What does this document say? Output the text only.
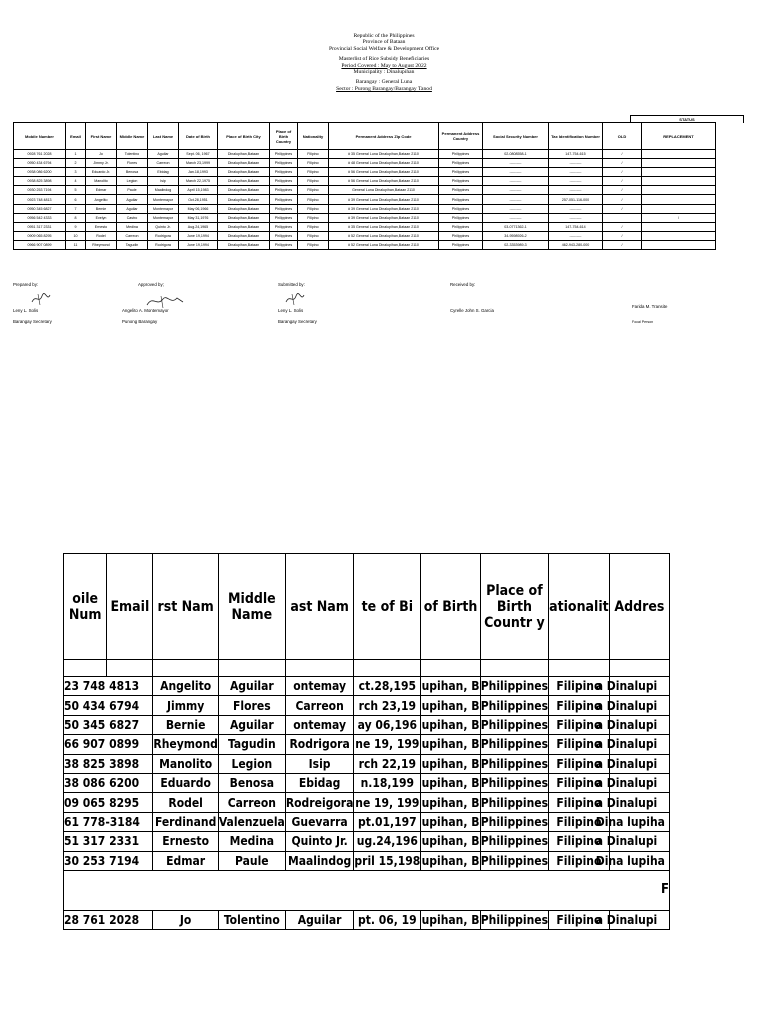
Republic of the Philippines
Province of Bataan
Provincial Social Welfare & Development Office
Masterlist of Rice Subsidy Beneficiaries
Period Covered : May to August 2022
Municipality : Dinalupihan
Barangay : General Luna
Sector : Purong Barangay/Barangay Tanod
STATUS
Mobile Number	Email	First Name	Middle Name	Last Name	Date of Birth	Place of Birth City	Place of Birth Country	Nationality	Permanent Address Zip Code	Permanent Address Country	Social Security Number	Tax Identification Number	OLD	REPLACEMENT
0928 761 2028	1	Jo	Tolentino	Aguilar	Sept. 06, 1967	Dinalupihan,Bataan	Philippines	Filipino	# 35 General Luna Dinalupihan,Bataan 2110	Philippines	02-0808558-1	147-754-615	/	
0950 434 6794	2	Jimmy Jr.	Flores	Carreon	March 23,1999	Dinalupihan,Bataan	Philippines	Filipino	# 48 General Luna Dinalupihan,Bataan 2110	Philippines	----------	----------	/	
0938 086 6200	3	Eduardo Jr.	Benosa	Ebidag	Jan.18,1993	Dinalupihan,Bataan	Philippines	Filipino	# 56 General Luna Dinalupihan,Bataan 2110	Philippines	----------	----------	/	
0938 825 3898	4	Manolito	Legion	Isip	March 22,1975	Dinalupihan,Bataan	Philippines	Filipino	# 56 General Luna Dinalupihan,Bataan 2110	Philippines	----------	----------	/	
0930 253 7194	5	Edmar	Paule	Maalindog	April 15,1983	Dinalupihan,Bataan	Philippines	Filipino	General Luna Dinalupihan,Bataan 2110	Philippines	----------	----------	/	
0923 748 4813	6	Angelito	Aguilar	Montemayor	Oct.28,1951	Dinalupihan,Bataan	Philippines	Filipino	# 39 General Luna Dinalupihan,Bataan 2110	Philippines	----------	257-051-116-000	/	
0950 345 6827	7	Bernie	Aguilar	Montemayor	May 06,1966	Dinalupihan,Bataan	Philippines	Filipino	# 39 General Luna Dinalupihan,Bataan 2110	Philippines	----------	----------	/	
0956 542 4333	8	Evelyn	Castro	Montemayor	May 31,1976	Dinalupihan,Bataan	Philippines	Filipino	# 39 General Luna Dinalupihan,Bataan 2110	Philippines	----------	----------		/
0951 317 2331	9	Ernesto	Medina	Quinto Jr.	Aug.24,1965	Dinalupihan,Bataan	Philippines	Filipino	# 35 General Luna Dinalupihan,Bataan 2110	Philippines	03-0771362-1	147-754-614	/	
0909 065 8295	10	Rodel	Carreon	Rodrigora	June 19,1994	Dinalupihan,Bataan	Philippines	Filipino	# 52 General Luna Dinalupihan,Bataan 2110	Philippines	34-9598926-2	----------	/	
0966 907 0899	11	Rheymond	Tagudin	Rodrigora	June 19,1994	Dinalupihan,Bataan	Philippines	Filipino	# 52 General Luna Dinalupihan,Bataan 2110	Philippines	02-3353989-3	462-943-280-000	/	
Prepared by:
Leny L. Solis
Barangay Secretary
Approved by;
Angelito A. Montemayor
Punong Barangay
Submitted by:
Leny L. Solis
Barangay Secretary
Received by:
Cyrelle John S. Garcia
Farida M. Transite
Focal Person
oile Num	Email	rst Nam	Middle Name	ast Nam	te of Bi	of Birth	Place of Birth Countr y	ationalit	Addres

23 748 4813		Angelito	Aguilar	ontemay	ct.28,195	upihan, B	Philippines	Filipino	a Dinalupi
50 434 6794		Jimmy	Flores	Carreon	rch 23,19	upihan, B	Philippines	Filipino	a Dinalupi
50 345 6827		Bernie	Aguilar	ontemay	ay 06,196	upihan, B	Philippines	Filipino	a Dinalupi
66 907 0899		Rheymond	Tagudin	Rodrigora	ne 19, 199	upihan, B	Philippines	Filipino	a Dinalupi
38 825 3898		Manolito	Legion	Isip	rch 22,19	upihan, B	Philippines	Filipino	a Dinalupi
38 086 6200		Eduardo	Benosa	Ebidag	n.18,199	upihan, B	Philippines	Filipino	a Dinalupi
09 065 8295		Rodel	Carreon	Rodreigora	ne 19, 199	upihan, B	Philippines	Filipino	a Dinalupi
61 778-3184		Ferdinand	Valenzuela	Guevarra	pt.01,197	upihan, B	Philippines	Filipino	Dina lupiha
51 317 2331		Ernesto	Medina	Quinto Jr.	ug.24,196	upihan, B	Philippines	Filipino	a Dinalupi
30 253 7194		Edmar	Paule	Maalindog	pril 15,198	upihan, B	Philippines	Filipino	Dina lupiha
F									
28 761 2028		Jo	Tolentino	Aguilar	pt. 06, 19	upihan, B	Philippines	Filipino	a Dinalupi
